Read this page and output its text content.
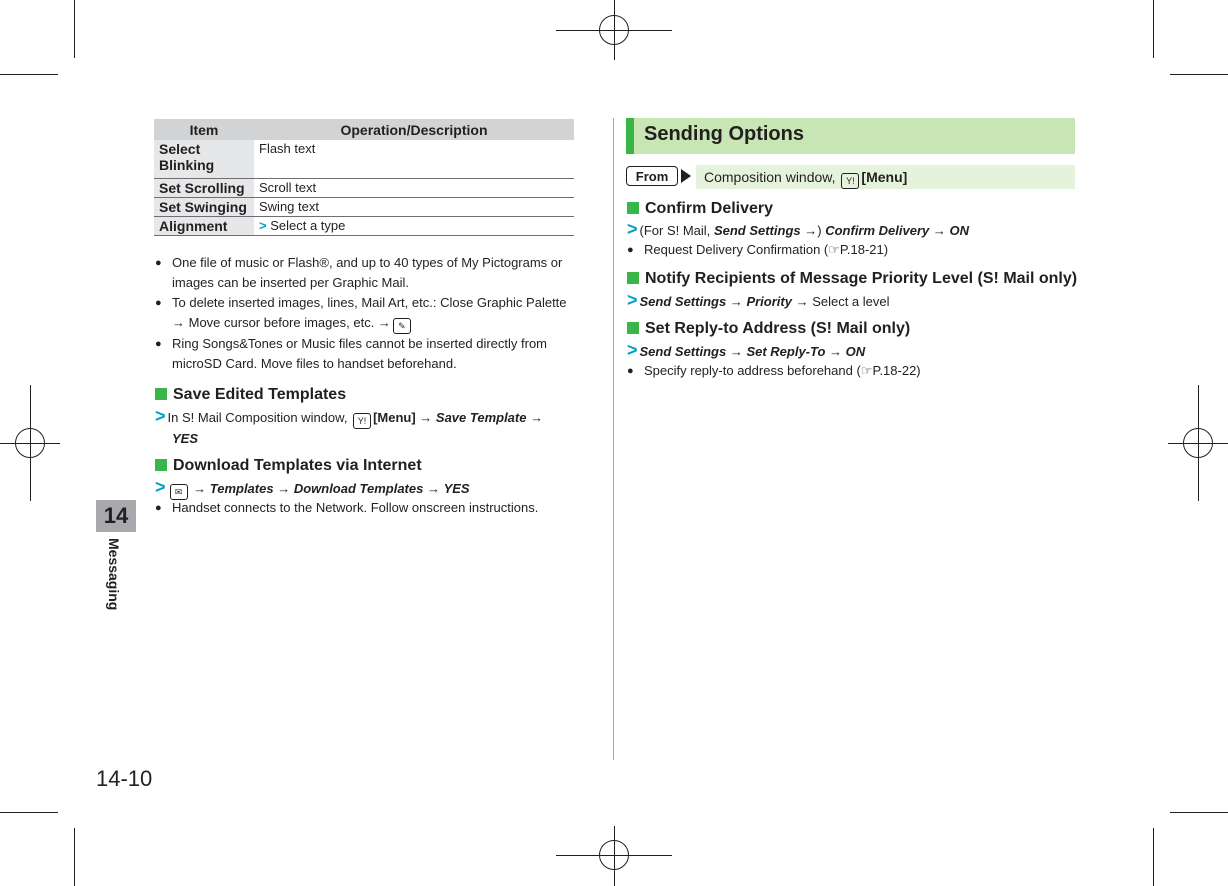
14
Messaging
14-10
Item	Operation/Description
Select Blinking	Flash text
Set Scrolling	Scroll text
Set Swinging	Swing text
Alignment	> Select a type
● One file of music or Flash®, and up to 40 types of My Pictograms or images can be inserted per Graphic Mail.
● To delete inserted images, lines, Mail Art, etc.: Close Graphic Palette → Move cursor before images, etc. → ✎
● Ring Songs&Tones or Music files cannot be inserted directly from microSD Card. Move files to handset beforehand.
Save Edited Templates
> In S! Mail Composition window, Y! [Menu] → Save Template →
YES
Download Templates via Internet
> ✉ → Templates → Download Templates → YES
● Handset connects to the Network. Follow onscreen instructions.
Sending Options
From	Composition window, Y! [Menu]
Confirm Delivery
> (For S! Mail, Send Settings →) Confirm Delivery → ON
● Request Delivery Confirmation (☞P.18-21)
Notify Recipients of Message Priority Level (S! Mail only)
> Send Settings → Priority → Select a level
Set Reply-to Address (S! Mail only)
> Send Settings → Set Reply-To → ON
● Specify reply-to address beforehand (☞P.18-22)
